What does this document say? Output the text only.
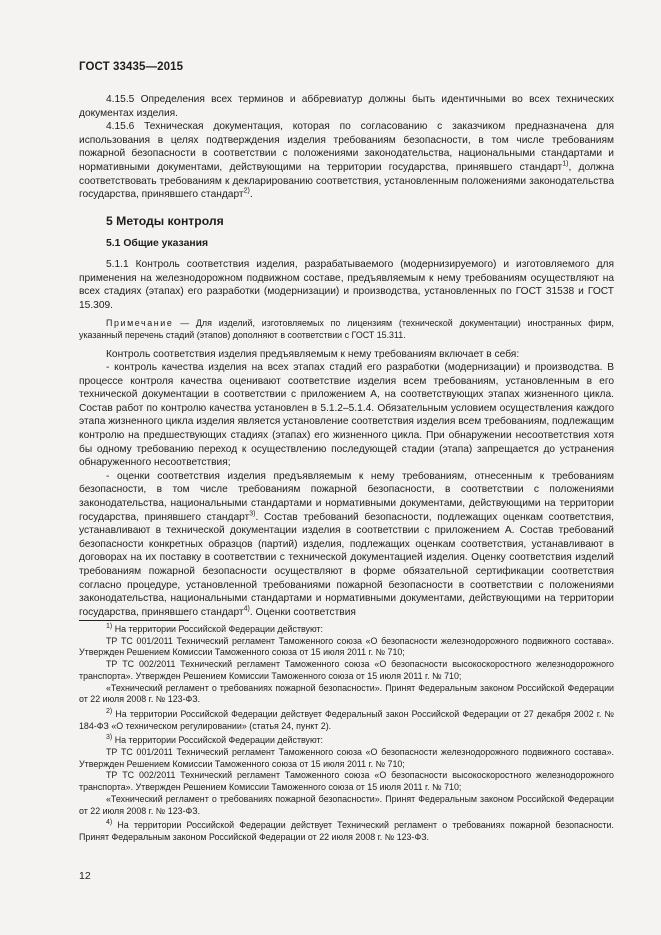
ГОСТ 33435—2015

4.15.5 Определения всех терминов и аббревиатур должны быть идентичными во всех технических документах изделия.

4.15.6 Техническая документация, которая по согласованию с заказчиком предназначена для использования в целях подтверждения изделия требованиям безопасности, в том числе требованиям пожарной безопасности в соответствии с положениями законодательства, национальными стандартами и нормативными документами, действующими на территории государства, принявшего стандарт$^{1)}$, должна соответствовать требованиям к декларированию соответствия, установленным положениями законодательства государства, принявшего стандарт$^{2)}$.

5 Методы контроля
5.1 Общие указания

5.1.1 Контроль соответствия изделия, разрабатываемого (модернизируемого) и изготовляемого для применения на железнодорожном подвижном составе, предъявляемым к нему требованиям осуществляют на всех стадиях (этапах) его разработки (модернизации) и производства, установленных по ГОСТ 31538 и ГОСТ 15.309.

Примечание — Для изделий, изготовляемых по лицензиям (технической документации) иностранных фирм, указанный перечень стадий (этапов) дополняют в соответствии с ГОСТ 15.311.

Контроль соответствия изделия предъявляемым к нему требованиям включает в себя:

- контроль качества изделия на всех этапах стадий его разработки (модернизации) и производства. В процессе контроля качества оценивают соответствие изделия всем требованиям, установленным в его технической документации в соответствии с приложением А, на соответствующих этапах жизненного цикла. Состав работ по контролю качества установлен в 5.1.2–5.1.4. Обязательным условием осуществления каждого этапа жизненного цикла изделия является установление соответствия изделия всем требованиям, подлежащим контролю на предшествующих стадиях (этапах) его жизненного цикла. При обнаружении несоответствия хотя бы одному требованию переход к осуществлению последующей стадии (этапа) запрещается до устранения обнаруженного несоответствия;

- оценки соответствия изделия предъявляемым к нему требованиям, отнесенным к требованиям безопасности, в том числе требованиям пожарной безопасности, в соответствии с положениями законодательства, национальными стандартами и нормативными документами, действующими на территории государства, принявшего стандарт$^{3)}$. Состав требований безопасности, подлежащих оценкам соответствия, устанавливают в технической документации изделия в соответствии с приложением А. Состав требований безопасности конкретных образцов (партий) изделия, подлежащих оценкам соответствия, устанавливают в договорах на их поставку в соответствии с технической документацией изделия. Оценку соответствия изделий требованиям пожарной безопасности осуществляют в форме обязательной сертификации соответствия согласно процедуре, установленной требованиями пожарной безопасности в соответствии с положениями законодательства, национальными стандартами и нормативными документами, действующими на территории государства, принявшего стандарт$^{4)}$. Оценки соответствия

$^{1)}$ На территории Российской Федерации действуют:

ТР ТС 001/2011 Технический регламент Таможенного союза «О безопасности железнодорожного подвижного состава». Утвержден Решением Комиссии Таможенного союза от 15 июля 2011 г. № 710;

ТР ТС 002/2011 Технический регламент Таможенного союза «О безопасности высокоскоростного железнодорожного транспорта». Утвержден Решением Комиссии Таможенного союза от 15 июля 2011 г. № 710;

«Технический регламент о требованиях пожарной безопасности». Принят Федеральным законом Российской Федерации от 22 июля 2008 г. № 123-ФЗ.

$^{2)}$ На территории Российской Федерации действует Федеральный закон Российской Федерации от 27 декабря 2002 г. № 184-ФЗ «О техническом регулировании» (статья 24, пункт 2).

$^{3)}$ На территории Российской Федерации действуют:

ТР ТС 001/2011 Технический регламент Таможенного союза «О безопасности железнодорожного подвижного состава». Утвержден Решением Комиссии Таможенного союза от 15 июля 2011 г. № 710;

ТР ТС 002/2011 Технический регламент Таможенного союза «О безопасности высокоскоростного железнодорожного транспорта». Утвержден Решением Комиссии Таможенного союза от 15 июля 2011 г. № 710;

«Технический регламент о требованиях пожарной безопасности». Принят Федеральным законом Российской Федерации от 22 июля 2008 г. № 123-ФЗ.

$^{4)}$ На территории Российской Федерации действует Технический регламент о требованиях пожарной безопасности. Принят Федеральным законом Российской Федерации от 22 июля 2008 г. № 123-ФЗ.

12
